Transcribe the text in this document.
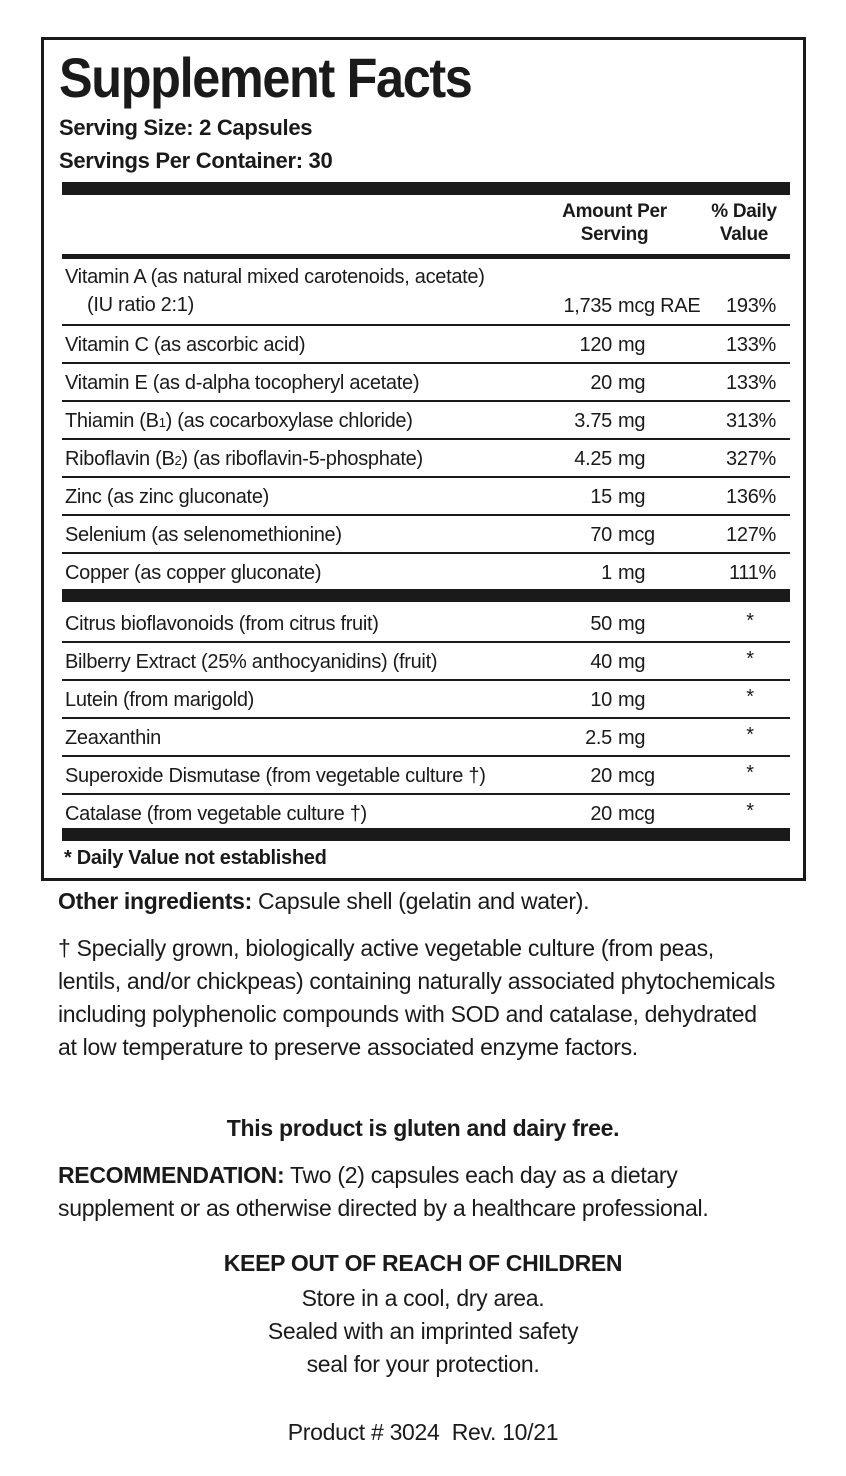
Supplement Facts
Serving Size: 2 Capsules
Servings Per Container: 30
Amount Per Serving
% Daily Value
Vitamin A (as natural mixed carotenoids, acetate)
(IU ratio 2:1)	1,735 mcg RAE	193%
Vitamin C (as ascorbic acid)	120 mg	133%
Vitamin E (as d-alpha tocopheryl acetate)	20 mg	133%
Thiamin (B1) (as cocarboxylase chloride)	3.75 mg	313%
Riboflavin (B2) (as riboflavin-5-phosphate)	4.25 mg	327%
Zinc (as zinc gluconate)	15 mg	136%
Selenium (as selenomethionine)	70 mcg	127%
Copper (as copper gluconate)	1 mg	111%
Citrus bioflavonoids (from citrus fruit)	50 mg	*
Bilberry Extract (25% anthocyanidins) (fruit)	40 mg	*
Lutein (from marigold)	10 mg	*
Zeaxanthin	2.5 mg	*
Superoxide Dismutase (from vegetable culture †)	20 mcg	*
Catalase (from vegetable culture †)	20 mcg	*
* Daily Value not established
Other ingredients: Capsule shell (gelatin and water).
† Specially grown, biologically active vegetable culture (from peas, lentils, and/or chickpeas) containing naturally associated phytochemicals including polyphenolic compounds with SOD and catalase, dehydrated at low temperature to preserve associated enzyme factors.
This product is gluten and dairy free.
RECOMMENDATION: Two (2) capsules each day as a dietary supplement or as otherwise directed by a healthcare professional.
KEEP OUT OF REACH OF CHILDREN
Store in a cool, dry area.
Sealed with an imprinted safety
seal for your protection.
Product # 3024  Rev. 10/21
